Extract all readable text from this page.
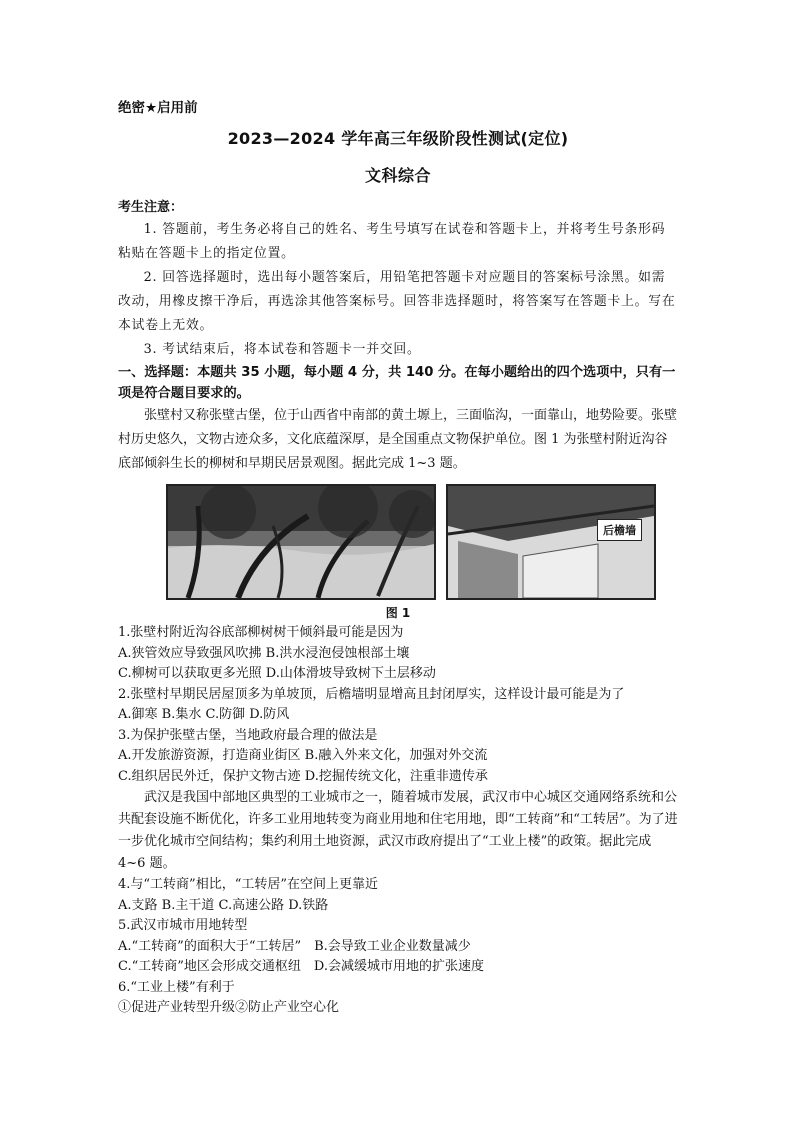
绝密★启用前
2023—2024 学年高三年级阶段性测试(定位)
文科综合
考生注意：

1. 答题前，考生务必将自己的姓名、考生号填写在试卷和答题卡上，并将考生号条形码粘贴在答题卡上的指定位置。

2. 回答选择题时，选出每小题答案后，用铅笔把答题卡对应题目的答案标号涂黑。如需改动，用橡皮擦干净后，再选涂其他答案标号。回答非选择题时，将答案写在答题卡上。写在本试卷上无效。

3. 考试结束后，将本试卷和答题卡一并交回。

一、选择题：本题共 35 小题，每小题 4 分，共 140 分。在每小题给出的四个选项中，只有一项是符合题目要求的。

张壁村又称张壁古堡，位于山西省中南部的黄土塬上，三面临沟，一面靠山，地势险要。张壁村历史悠久，文物古迹众多，文化底蕴深厚，是全国重点文物保护单位。图 1 为张壁村附近沟谷底部倾斜生长的柳树和早期民居景观图。据此完成 1~3 题。

后檐墙
图 1

1.张壁村附近沟谷底部柳树树干倾斜最可能是因为

A.狭管效应导致强风吹拂 B.洪水浸泡侵蚀根部土壤

C.柳树可以获取更多光照 D.山体滑坡导致树下土层移动

2.张壁村早期民居屋顶多为单坡顶，后檐墙明显增高且封闭厚实，这样设计最可能是为了

A.御寒 B.集水 C.防御 D.防风

3.为保护张壁古堡，当地政府最合理的做法是

A.开发旅游资源，打造商业街区 B.融入外来文化，加强对外交流

C.组织居民外迁，保护文物古迹 D.挖掘传统文化，注重非遗传承

武汉是我国中部地区典型的工业城市之一，随着城市发展，武汉市中心城区交通网络系统和公共配套设施不断优化，许多工业用地转变为商业用地和住宅用地，即“工转商”和“工转居”。为了进一步优化城市空间结构；集约利用土地资源，武汉市政府提出了“工业上楼”的政策。据此完成 4~6 题。

4.与“工转商”相比，“工转居”在空间上更靠近

A.支路 B.主干道 C.高速公路 D.铁路

5.武汉市城市用地转型

A.“工转商”的面积大于“工转居”　B.会导致工业企业数量减少

C.“工转商”地区会形成交通枢纽　D.会减缓城市用地的扩张速度

6.“工业上楼”有利于

①促进产业转型升级②防止产业空心化
